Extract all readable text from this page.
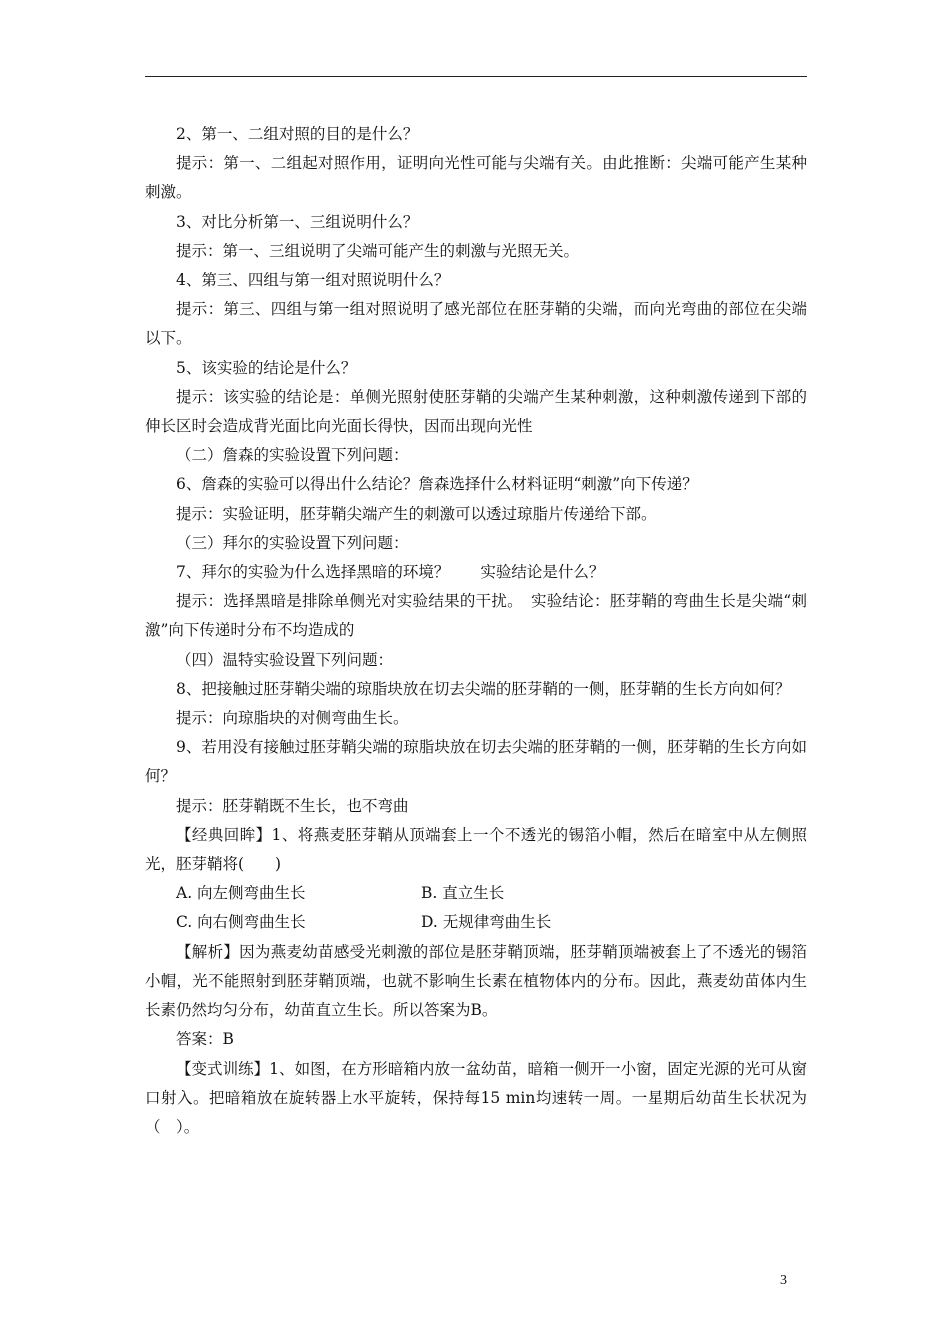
2、第一、二组对照的目的是什么？

提示：第一、二组起对照作用，证明向光性可能与尖端有关。由此推断：尖端可能产生某种刺激。

3、对比分析第一、三组说明什么？

提示：第一、三组说明了尖端可能产生的刺激与光照无关。

4、第三、四组与第一组对照说明什么？

提示：第三、四组与第一组对照说明了感光部位在胚芽鞘的尖端，而向光弯曲的部位在尖端以下。

5、该实验的结论是什么？

提示：该实验的结论是：单侧光照射使胚芽鞘的尖端产生某种刺激，这种刺激传递到下部的伸长区时会造成背光面比向光面长得快，因而出现向光性

（二）詹森的实验设置下列问题：

6、詹森的实验可以得出什么结论？詹森选择什么材料证明“刺激”向下传递？

提示：实验证明，胚芽鞘尖端产生的刺激可以透过琼脂片传递给下部。

（三）拜尔的实验设置下列问题：

7、拜尔的实验为什么选择黑暗的环境？　　实验结论是什么？

提示：选择黑暗是排除单侧光对实验结果的干扰。　实验结论：胚芽鞘的弯曲生长是尖端“刺激”向下传递时分布不均造成的

（四）温特实验设置下列问题：

8、把接触过胚芽鞘尖端的琼脂块放在切去尖端的胚芽鞘的一侧，胚芽鞘的生长方向如何？

提示：向琼脂块的对侧弯曲生长。

9、若用没有接触过胚芽鞘尖端的琼脂块放在切去尖端的胚芽鞘的一侧，胚芽鞘的生长方向如何？

提示：胚芽鞘既不生长，也不弯曲

【经典回眸】1、将燕麦胚芽鞘从顶端套上一个不透光的锡箔小帽，然后在暗室中从左侧照光，胚芽鞘将(　　)

A. 向左侧弯曲生长	B. 直立生长
C. 向右侧弯曲生长	D. 无规律弯曲生长

【解析】因为燕麦幼苗感受光刺激的部位是胚芽鞘顶端，胚芽鞘顶端被套上了不透光的锡箔小帽，光不能照射到胚芽鞘顶端，也就不影响生长素在植物体内的分布。因此，燕麦幼苗体内生长素仍然均匀分布，幼苗直立生长。所以答案为B。

答案：B

【变式训练】1、如图，在方形暗箱内放一盆幼苗，暗箱一侧开一小窗，固定光源的光可从窗口射入。把暗箱放在旋转器上水平旋转，保持每15 min均速转一周。一星期后幼苗生长状况为（　）。

3
